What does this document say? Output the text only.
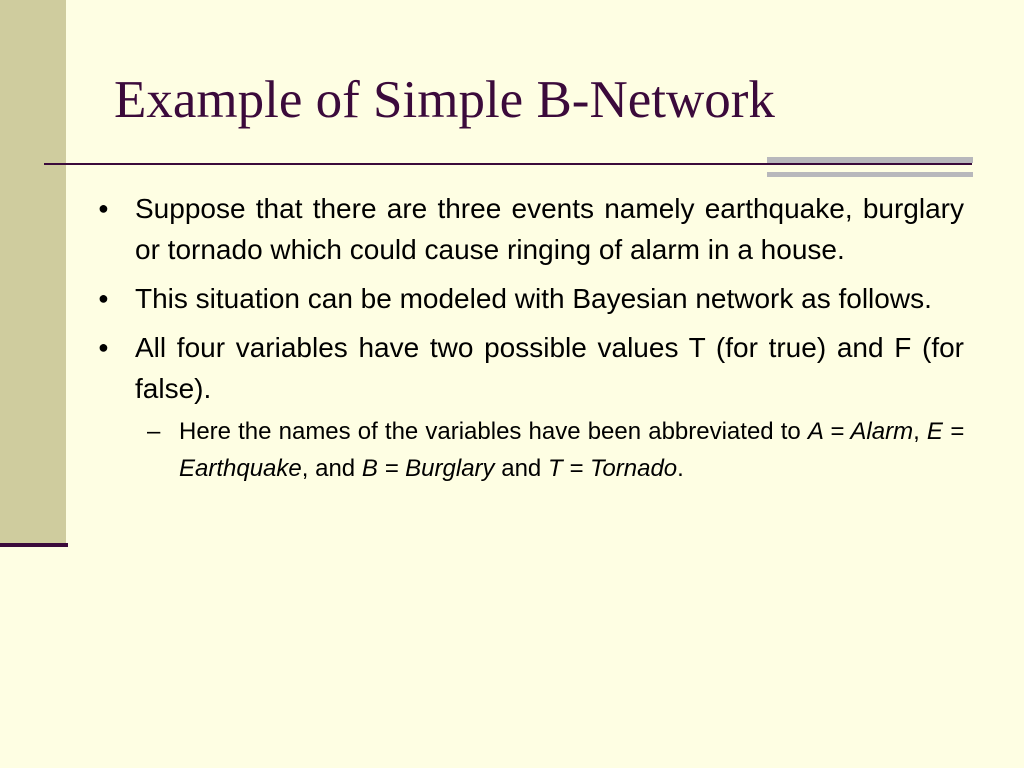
Example of Simple B-Network
● Suppose that there are three events namely earthquake, burglary or tornado which could cause ringing of alarm in a house.
● This situation can be modeled with Bayesian network as follows.
● All four variables have two possible values T (for true) and F (for false).
– Here the names of the variables have been abbreviated to A = Alarm, E = Earthquake, and B = Burglary and T = Tornado.
